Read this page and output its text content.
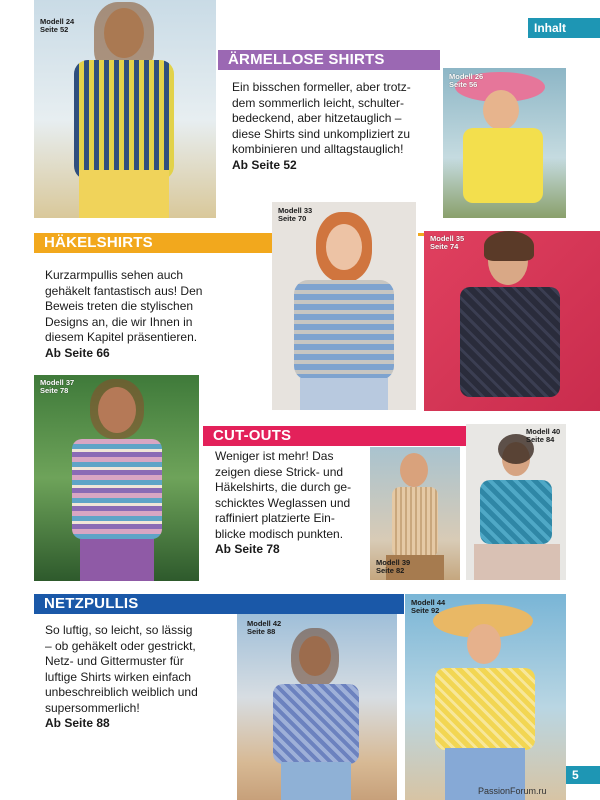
Inhalt
Modell 24
Seite 52
ÄRMELLOSE SHIRTS
Ein bisschen formeller, aber trotz-
dem sommerlich leicht, schulter-
bedeckend, aber hitzetauglich –
diese Shirts sind unkompliziert zu
kombinieren und alltagstauglich!
Ab Seite 52
Modell 26
Seite 56
HÄKELSHIRTS
Kurzarmpullis sehen auch
gehäkelt fantastisch aus! Den
Beweis treten die stylischen
Designs an, die wir Ihnen in
diesem Kapitel präsentieren.
Ab Seite 66
Modell 33
Seite 70
Modell 35
Seite 74
Modell 37
Seite 78
CUT-OUTS
Weniger ist mehr! Das
zeigen diese Strick- und
Häkelshirts, die durch ge-
schicktes Weglassen und
raffiniert platzierte Ein-
blicke modisch punkten.
Ab Seite 78
Modell 39
Seite 82
Modell 40
Seite 84
NETZPULLIS
So luftig, so leicht, so lässig
– ob gehäkelt oder gestrickt,
Netz- und Gittermuster für
luftige Shirts wirken einfach
unbeschreiblich weiblich und
supersommerlich!
Ab Seite 88
Modell 42
Seite 88
Modell 44
Seite 92
5
PassionForum.ru
